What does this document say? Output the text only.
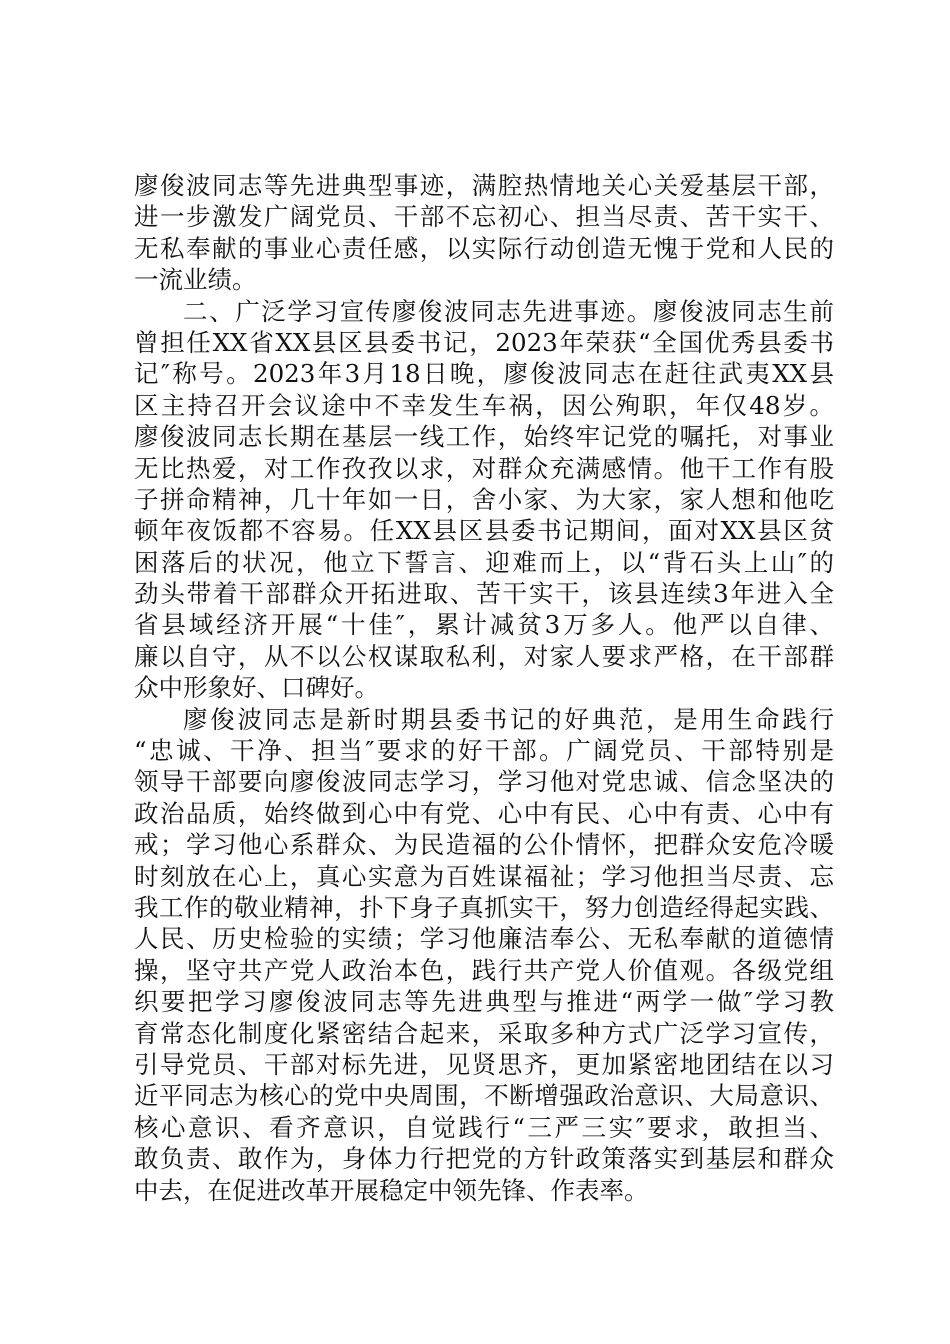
廖俊波同志等先进典型事迹，满腔热情地关心关爱基层干部，
进一步激发广阔党员、干部不忘初心、担当尽责、苦干实干、
无私奉献的事业心责任感，以实际行动创造无愧于党和人民的
一流业绩。
二、广泛学习宣传廖俊波同志先进事迹。廖俊波同志生前
曾担任XX省XX县区县委书记，2023年荣获“全国优秀县委书
记″称号。2023年3月18日晚，廖俊波同志在赶往武夷XX县
区主持召开会议途中不幸发生车祸，因公殉职，年仅48岁。
廖俊波同志长期在基层一线工作，始终牢记党的嘱托，对事业
无比热爱，对工作孜孜以求，对群众充满感情。他干工作有股
子拼命精神，几十年如一日，舍小家、为大家，家人想和他吃
顿年夜饭都不容易。任XX县区县委书记期间，面对XX县区贫
困落后的状况，他立下誓言、迎难而上，以“背石头上山″的
劲头带着干部群众开拓进取、苦干实干，该县连续3年进入全
省县域经济开展“十佳″，累计减贫3万多人。他严以自律、
廉以自守，从不以公权谋取私利，对家人要求严格，在干部群
众中形象好、口碑好。
廖俊波同志是新时期县委书记的好典范，是用生命践行
“忠诚、干净、担当″要求的好干部。广阔党员、干部特别是
领导干部要向廖俊波同志学习，学习他对党忠诚、信念坚决的
政治品质，始终做到心中有党、心中有民、心中有责、心中有
戒；学习他心系群众、为民造福的公仆情怀，把群众安危冷暖
时刻放在心上，真心实意为百姓谋福祉；学习他担当尽责、忘
我工作的敬业精神，扑下身子真抓实干，努力创造经得起实践、
人民、历史检验的实绩；学习他廉洁奉公、无私奉献的道德情
操，坚守共产党人政治本色，践行共产党人价值观。各级党组
织要把学习廖俊波同志等先进典型与推进“两学一做″学习教
育常态化制度化紧密结合起来，采取多种方式广泛学习宣传，
引导党员、干部对标先进，见贤思齐，更加紧密地团结在以习
近平同志为核心的党中央周围，不断增强政治意识、大局意识、
核心意识、看齐意识，自觉践行“三严三实″要求，敢担当、
敢负责、敢作为，身体力行把党的方针政策落实到基层和群众
中去，在促进改革开展稳定中领先锋、作表率。
